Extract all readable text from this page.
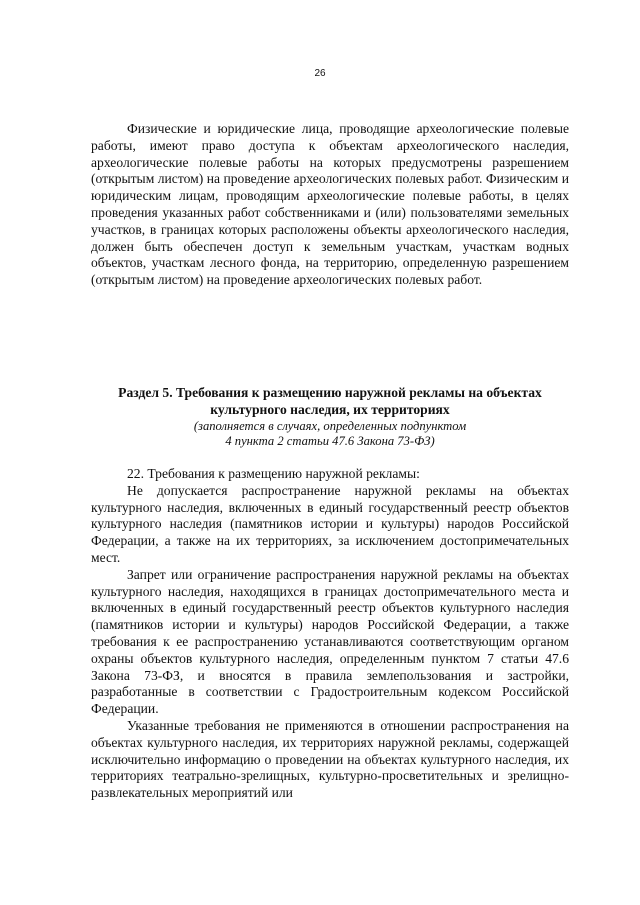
26

Физические и юридические лица, проводящие археологические полевые работы, имеют право доступа к объектам археологического наследия, археологические полевые работы на которых предусмотрены разрешением (открытым листом) на проведение археологических полевых работ. Физическим и юридическим лицам, проводящим археологические полевые работы, в целях проведения указанных работ собственниками и (или) пользователями земельных участков, в границах которых расположены объекты археологического наследия, должен быть обеспечен доступ к земельным участкам, участкам водных объектов, участкам лесного фонда, на территорию, определенную разрешением (открытым листом) на проведение археологических полевых работ.

Раздел 5. Требования к размещению наружной рекламы на объектах
культурного наследия, их территориях
(заполняется в случаях, определенных подпунктом
4 пункта 2 статьи 47.6 Закона 73-ФЗ)

22. Требования к размещению наружной рекламы:

Не допускается распространение наружной рекламы на объектах культурного наследия, включенных в единый государственный реестр объектов культурного наследия (памятников истории и культуры) народов Российской Федерации, а также на их территориях, за исключением достопримечательных мест.

Запрет или ограничение распространения наружной рекламы на объектах культурного наследия, находящихся в границах достопримечательного места и включенных в единый государственный реестр объектов культурного наследия (памятников истории и культуры) народов Российской Федерации, а также требования к ее распространению устанавливаются соответствующим органом охраны объектов культурного наследия, определенным пунктом 7 статьи 47.6 Закона 73-ФЗ, и вносятся в правила землепользования и застройки, разработанные в соответствии с Градостроительным кодексом Российской Федерации.

Указанные требования не применяются в отношении распространения на объектах культурного наследия, их территориях наружной рекламы, содержащей исключительно информацию о проведении на объектах культурного наследия, их территориях театрально-зрелищных, культурно-просветительных и зрелищно-развлекательных мероприятий или
